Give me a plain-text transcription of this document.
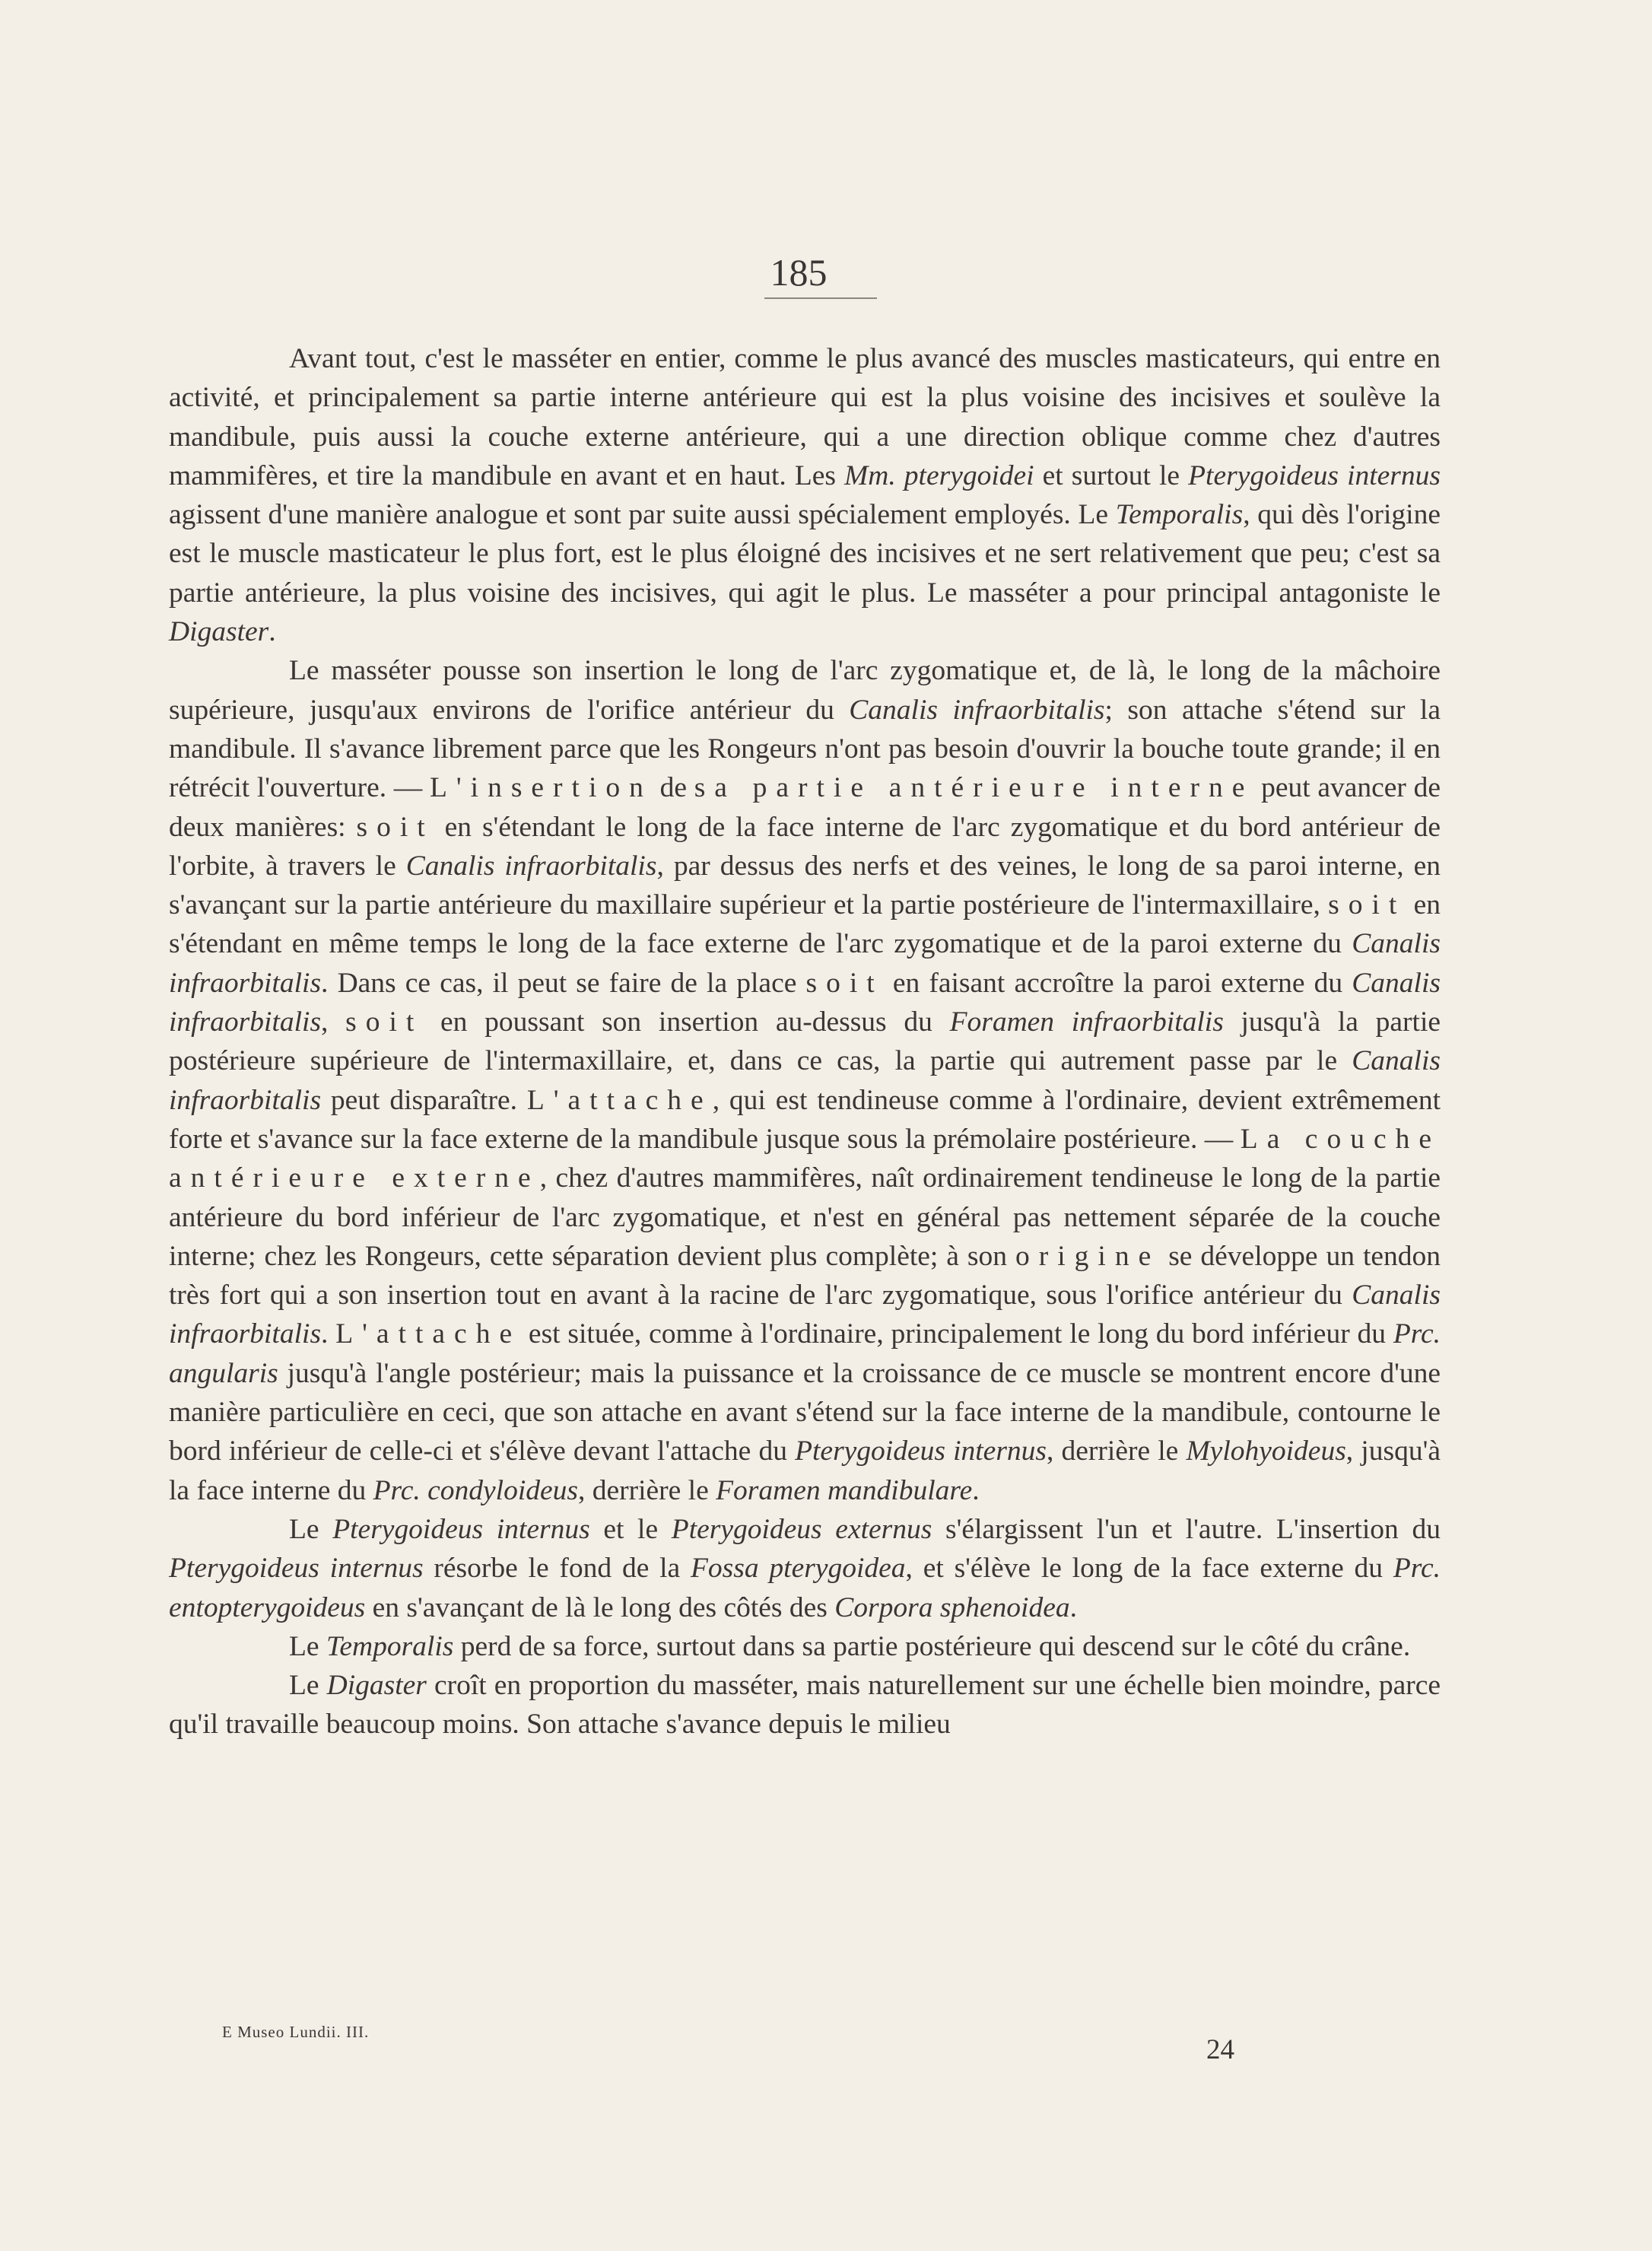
185

Avant tout, c'est le masséter en entier, comme le plus avancé des muscles masticateurs, qui entre en activité, et principalement sa partie interne antérieure qui est la plus voisine des incisives et soulève la mandibule, puis aussi la couche externe antérieure, qui a une direction oblique comme chez d'autres mammifères, et tire la mandibule en avant et en haut. Les Mm. pterygoidei et surtout le Pterygoideus internus agissent d'une manière analogue et sont par suite aussi spécialement employés. Le Temporalis, qui dès l'origine est le muscle masticateur le plus fort, est le plus éloigné des incisives et ne sert relativement que peu; c'est sa partie antérieure, la plus voisine des incisives, qui agit le plus. Le masséter a pour principal antagoniste le Digaster.

Le masséter pousse son insertion le long de l'arc zygomatique et, de là, le long de la mâchoire supérieure, jusqu'aux environs de l'orifice antérieur du Canalis infraorbitalis; son attache s'étend sur la mandibule. Il s'avance librement parce que les Rongeurs n'ont pas besoin d'ouvrir la bouche toute grande; il en rétrécit l'ouverture. — L'insertion de sa partie antérieure interne peut avancer de deux manières: soit en s'étendant le long de la face interne de l'arc zygomatique et du bord antérieur de l'orbite, à travers le Canalis infraorbitalis, par dessus des nerfs et des veines, le long de sa paroi interne, en s'avançant sur la partie antérieure du maxillaire supérieur et la partie postérieure de l'intermaxillaire, soit en s'étendant en même temps le long de la face externe de l'arc zygomatique et de la paroi externe du Canalis infraorbitalis. Dans ce cas, il peut se faire de la place soit en faisant accroître la paroi externe du Canalis infraorbitalis, soit en poussant son insertion au-dessus du Foramen infraorbitalis jusqu'à la partie postérieure supérieure de l'intermaxillaire, et, dans ce cas, la partie qui autrement passe par le Canalis infraorbitalis peut disparaître. L'attache, qui est tendineuse comme à l'ordinaire, devient extrêmement forte et s'avance sur la face externe de la mandibule jusque sous la prémolaire postérieure. — La couche antérieure externe, chez d'autres mammifères, naît ordinairement tendineuse le long de la partie antérieure du bord inférieur de l'arc zygomatique, et n'est en général pas nettement séparée de la couche interne; chez les Rongeurs, cette séparation devient plus complète; à son origine se développe un tendon très fort qui a son insertion tout en avant à la racine de l'arc zygomatique, sous l'orifice antérieur du Canalis infraorbitalis. L'attache est située, comme à l'ordinaire, principalement le long du bord inférieur du Prc. angularis jusqu'à l'angle postérieur; mais la puissance et la croissance de ce muscle se montrent encore d'une manière particulière en ceci, que son attache en avant s'étend sur la face interne de la mandibule, contourne le bord inférieur de celle-ci et s'élève devant l'attache du Pterygoideus internus, derrière le Mylohyoideus, jusqu'à la face interne du Prc. condyloideus, derrière le Foramen mandibulare.

Le Pterygoideus internus et le Pterygoideus externus s'élargissent l'un et l'autre. L'insertion du Pterygoideus internus résorbe le fond de la Fossa pterygoidea, et s'élève le long de la face externe du Prc. entopterygoideus en s'avançant de là le long des côtés des Corpora sphenoidea.

Le Temporalis perd de sa force, surtout dans sa partie postérieure qui descend sur le côté du crâne.

Le Digaster croît en proportion du masséter, mais naturellement sur une échelle bien moindre, parce qu'il travaille beaucoup moins. Son attache s'avance depuis le milieu

E Museo Lundii. III.
24
